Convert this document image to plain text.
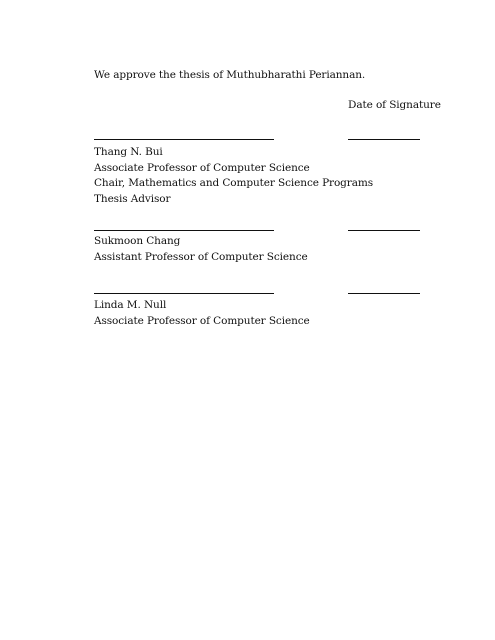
We approve the thesis of Muthubharathi Periannan.
Date of Signature
Thang N. Bui
Associate Professor of Computer Science
Chair, Mathematics and Computer Science Programs
Thesis Advisor
Sukmoon Chang
Assistant Professor of Computer Science
Linda M. Null
Associate Professor of Computer Science
